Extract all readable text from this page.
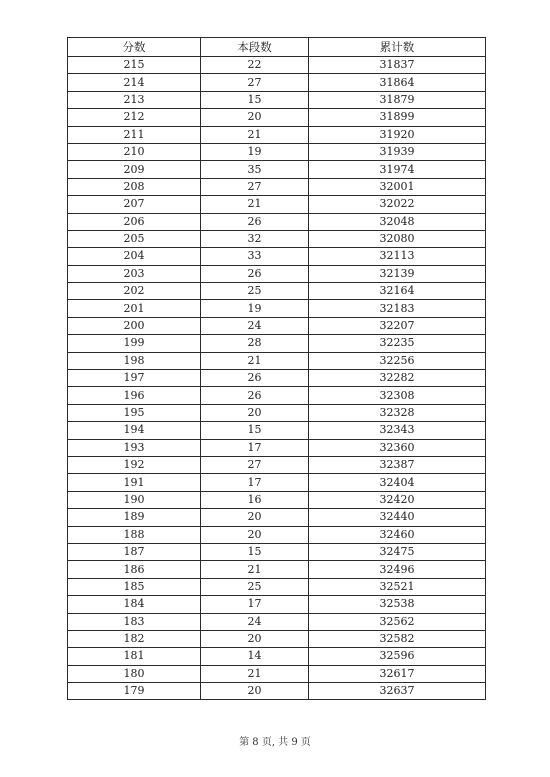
分数	本段数	累计数
215	22	31837
214	27	31864
213	15	31879
212	20	31899
211	21	31920
210	19	31939
209	35	31974
208	27	32001
207	21	32022
206	26	32048
205	32	32080
204	33	32113
203	26	32139
202	25	32164
201	19	32183
200	24	32207
199	28	32235
198	21	32256
197	26	32282
196	26	32308
195	20	32328
194	15	32343
193	17	32360
192	27	32387
191	17	32404
190	16	32420
189	20	32440
188	20	32460
187	15	32475
186	21	32496
185	25	32521
184	17	32538
183	24	32562
182	20	32582
181	14	32596
180	21	32617
179	20	32637
第 8 页, 共 9 页
